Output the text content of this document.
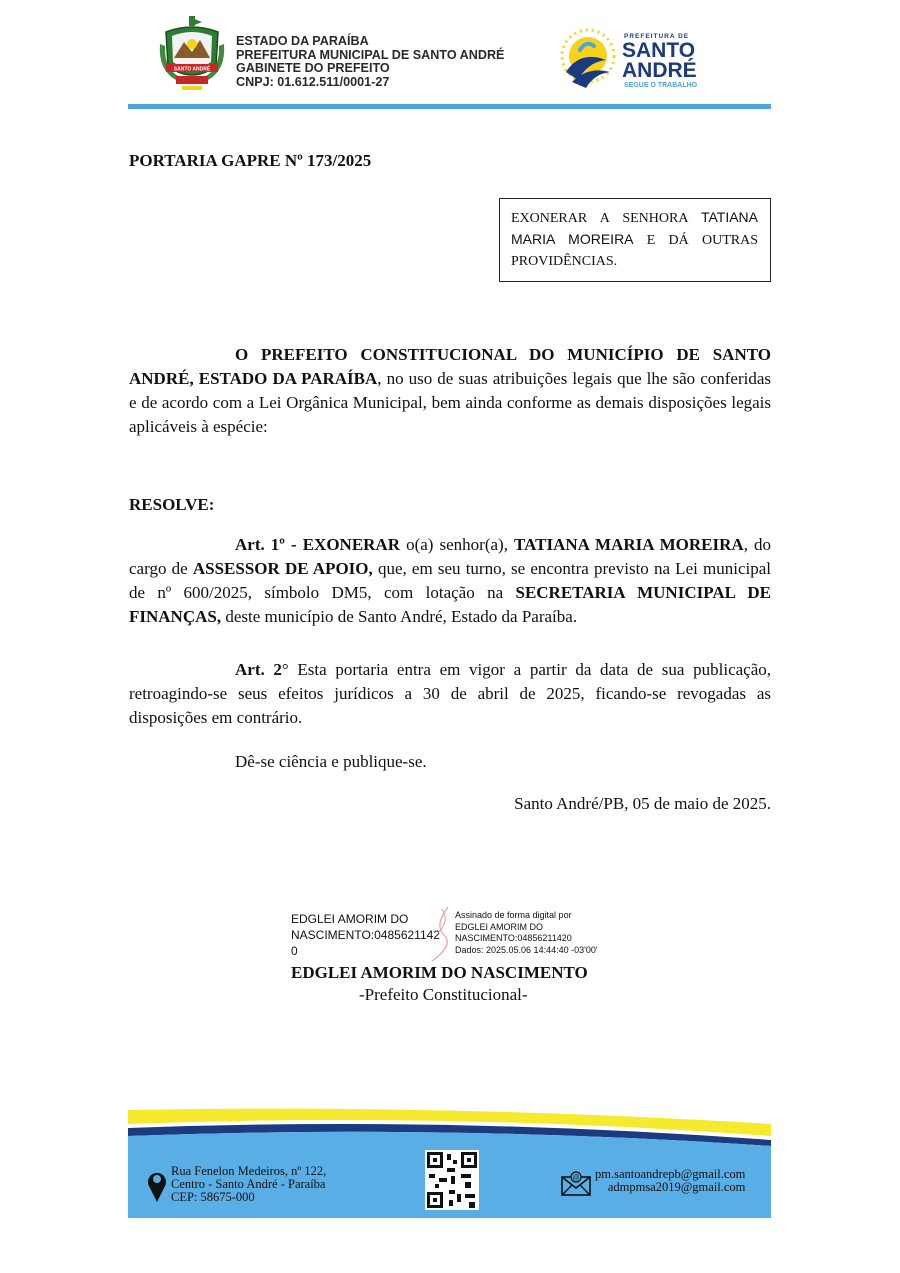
SANTO ANDRÉ
ESTADO DA PARAÍBA
PREFEITURA MUNICIPAL DE SANTO ANDRÉ
GABINETE DO PREFEITO
CNPJ: 01.612.511/0001-27
PREFEITURA DE
SANTO
ANDRÉ
SEGUE O TRABALHO
PORTARIA GAPRE Nº 173/2025
EXONERAR A SENHORA TATIANA MARIA MOREIRA E DÁ OUTRAS PROVIDÊNCIAS.
O PREFEITO CONSTITUCIONAL DO MUNICÍPIO DE SANTO ANDRÉ, ESTADO DA PARAÍBA, no uso de suas atribuições legais que lhe são conferidas e de acordo com a Lei Orgânica Municipal, bem ainda conforme as demais disposições legais aplicáveis à espécie:
RESOLVE:
Art. 1º - EXONERAR o(a) senhor(a), TATIANA MARIA MOREIRA, do cargo de ASSESSOR DE APOIO, que, em seu turno, se encontra previsto na Lei municipal de nº 600/2025, símbolo DM5, com lotação na SECRETARIA MUNICIPAL DE FINANÇAS, deste município de Santo André, Estado da Paraíba.
Art. 2° Esta portaria entra em vigor a partir da data de sua publicação, retroagindo-se seus efeitos jurídicos a 30 de abril de 2025, ficando-se revogadas as disposições em contrário.
Dê-se ciência e publique-se.
Santo André/PB, 05 de maio de 2025.
EDGLEI AMORIM DO
NASCIMENTO:0485621142
0
Assinado de forma digital por
EDGLEI AMORIM DO
NASCIMENTO:04856211420
Dados: 2025.05.06 14:44:40 -03'00'
EDGLEI AMORIM DO NASCIMENTO
-Prefeito Constitucional-
Rua Fenelon Medeiros, nº 122,
Centro - Santo André - Paraíba
CEP: 58675-000
@ pm.santoandrepb@gmail.com
admpmsa2019@gmail.com
